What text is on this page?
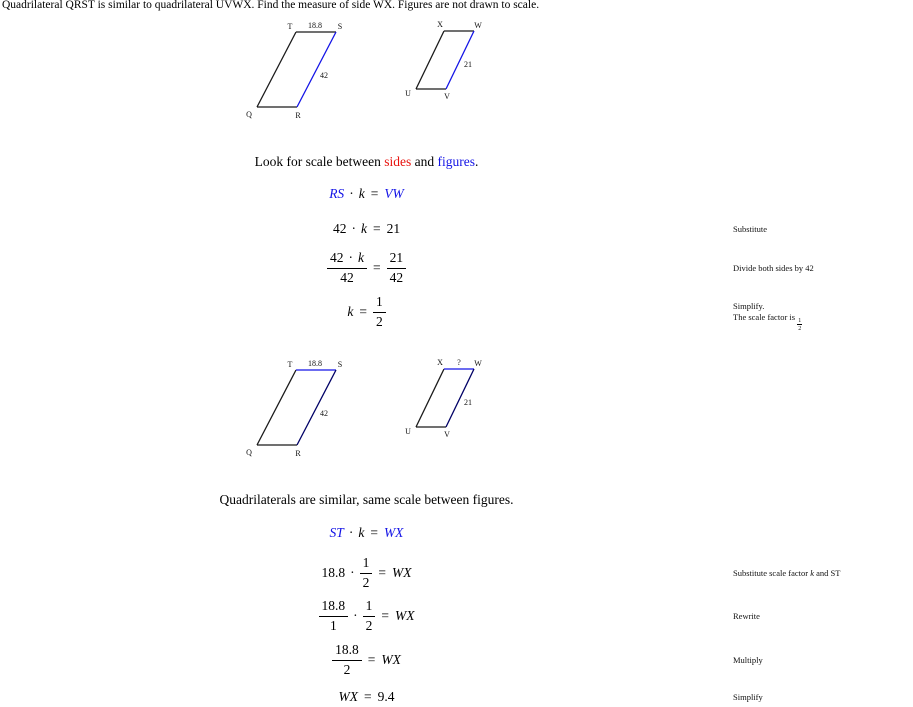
Quadrilateral QRST is similar to quadrilateral UVWX. Find the measure of side WX. Figures are not drawn to scale.
T 18.8 S
42
Q	R
X	W
21
U	V
Look for scale between sides and figures.
RS · k = VW
42 · k = 21	Substitute
$\frac{42 \cdot k}{42} = \frac{21}{42}$	Divide both sides by 42
$k = \frac{1}{2}$	Simplify.
The scale factor is
$\frac{1}{2}$
T 18.8 S
42
Q	R
X ? W
21
U	V
Quadrilaterals are similar, same scale between figures.
ST · k = WX
$18.8 \cdot \frac{1}{2}$ = WX	Substitute scale factor k and ST
$\frac{18.8}{1} \cdot \frac{1}{2}$ = WX	Rewrite
$\frac{18.8}{2}$ = WX	Multiply
WX = 9.4	Simplify
